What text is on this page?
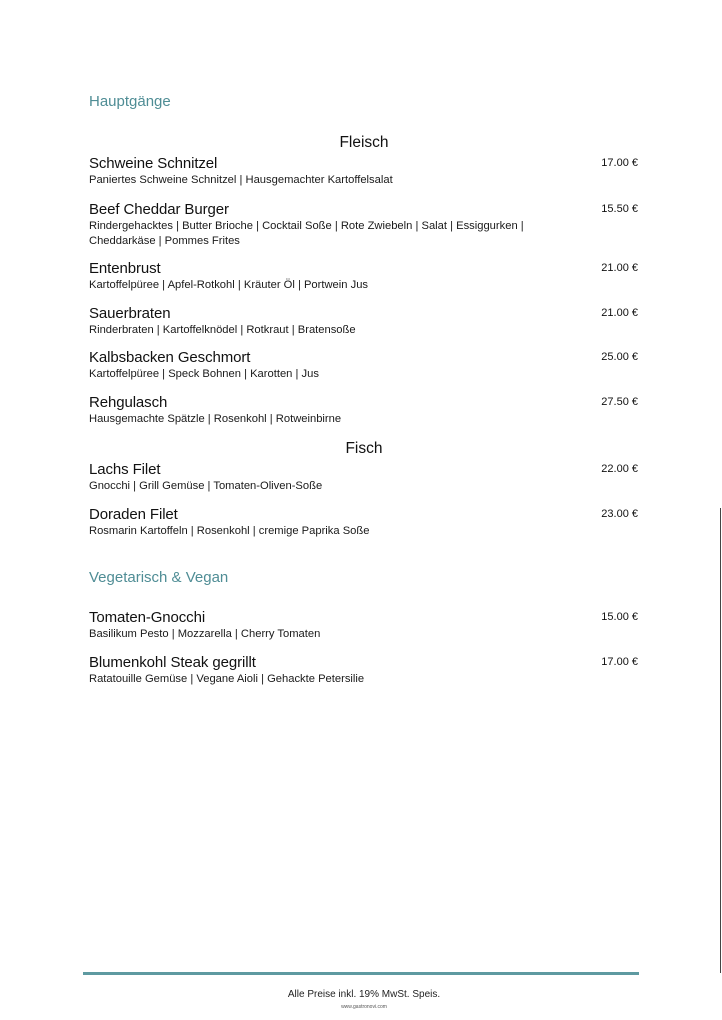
Hauptgänge
Fleisch
Schweine Schnitzel
Paniertes Schweine Schnitzel | Hausgemachter Kartoffelsalat
17.00 €
Beef Cheddar Burger
Rindergehacktes | Butter Brioche | Cocktail Soße | Rote Zwiebeln | Salat | Essiggurken | Cheddarkäse | Pommes Frites
15.50 €
Entenbrust
Kartoffelpüree | Apfel-Rotkohl | Kräuter Öl | Portwein Jus
21.00 €
Sauerbraten
Rinderbraten | Kartoffelknödel | Rotkraut | Bratensoße
21.00 €
Kalbsbacken Geschmort
Kartoffelpüree | Speck Bohnen | Karotten | Jus
25.00 €
Rehgulasch
Hausgemachte Spätzle | Rosenkohl | Rotweinbirne
27.50 €
Fisch
Lachs Filet
Gnocchi | Grill Gemüse | Tomaten-Oliven-Soße
22.00 €
Doraden Filet
Rosmarin Kartoffeln | Rosenkohl | cremige Paprika Soße
23.00 €
Vegetarisch & Vegan
Tomaten-Gnocchi
Basilikum Pesto | Mozzarella | Cherry Tomaten
15.00 €
Blumenkohl Steak gegrillt
Ratatouille Gemüse | Vegane Aioli | Gehackte Petersilie
17.00 €
Alle Preise inkl. 19% MwSt. Speis.
www.gastronovi.com
